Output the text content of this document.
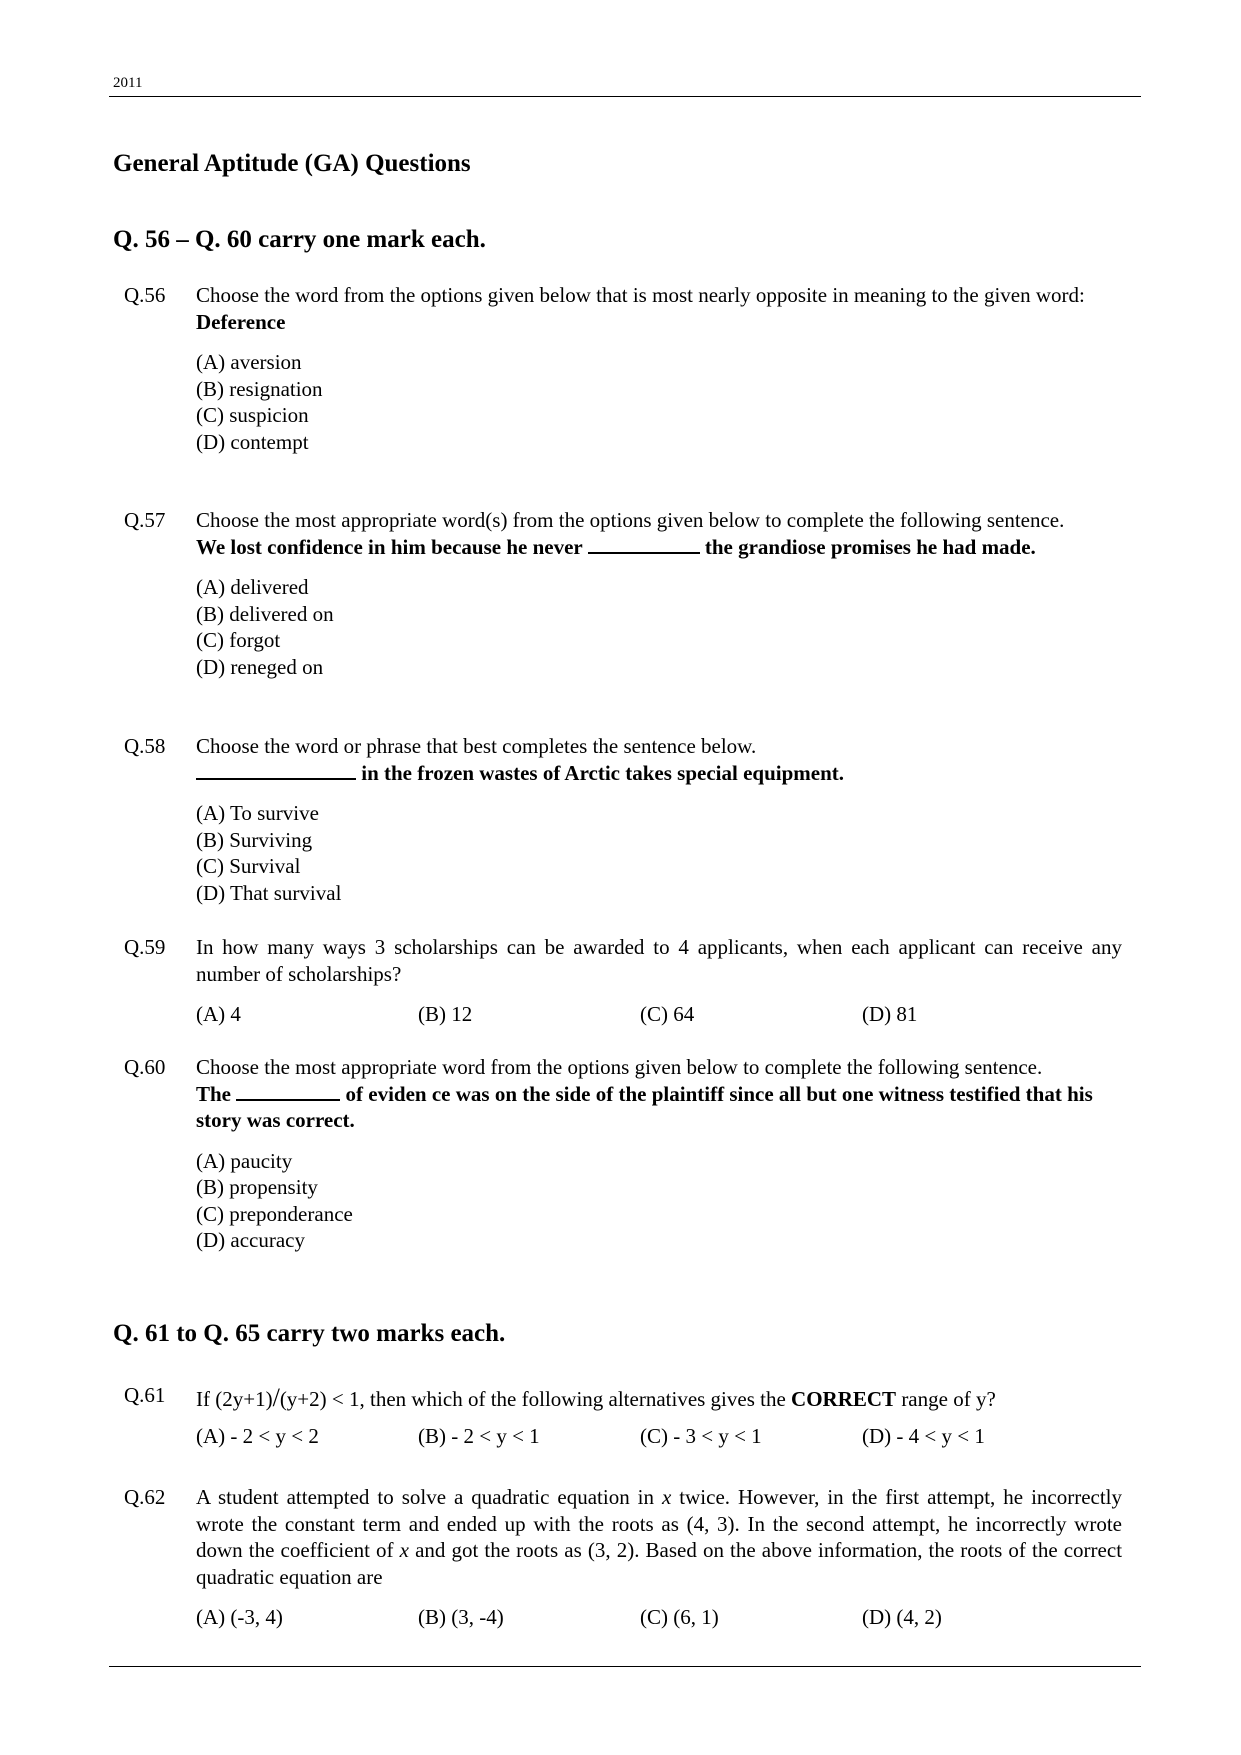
2011
General Aptitude (GA) Questions
Q. 56 – Q. 60 carry one mark each.
Q.56 Choose the word from the options given below that is most nearly opposite in meaning to the given word:
Deference
(A) aversion
(B) resignation
(C) suspicion
(D) contempt
Q.57 Choose the most appropriate word(s) from the options given below to complete the following sentence.
We lost confidence in him because he never	the grandiose promises he had made.
(A) delivered
(B) delivered on
(C) forgot
(D) reneged on
Q.58 Choose the word or phrase that best completes the sentence below.
in the frozen wastes of Arctic takes special equipment.
(A) To survive
(B) Surviving
(C) Survival
(D) That survival
Q.59 In how many ways 3 scholarships can be awarded to 4 applicants, when each applicant can receive any number of scholarships?
(A) 4	(B) 12	(C) 64	(D) 81
Q.60 Choose the most appropriate word from the options given below to complete the following sentence.
The	of eviden ce was on the side of the plaintiff since all but one witness testified that his story was correct.
(A) paucity
(B) propensity
(C) preponderance
(D) accuracy
Q. 61 to Q. 65 carry two marks each.
Q.61 If (2y+1)/(y+2) < 1, then which of the following alternatives gives the CORRECT range of y?
(A) - 2 < y < 2	(B) - 2 < y < 1	(C) - 3 < y < 1	(D) - 4 < y < 1
Q.62 A student attempted to solve a quadratic equation in x twice. However, in the first attempt, he incorrectly wrote the constant term and ended up with the roots as (4, 3). In the second attempt, he incorrectly wrote down the coefficient of x and got the roots as (3, 2). Based on the above information, the roots of the correct quadratic equation are
(A) (-3, 4)	(B) (3, -4)	(C) (6, 1)	(D) (4, 2)
